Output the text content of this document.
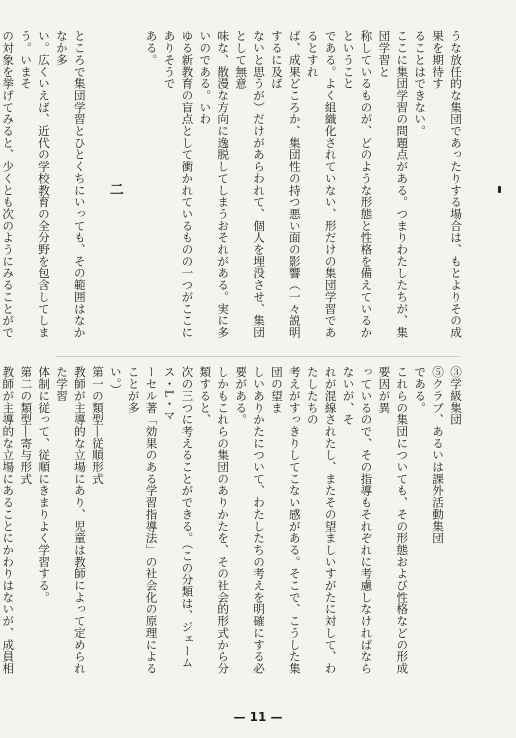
うな放任的な集団であったりする場合は、もとよりその成果を期待す

ることはできない。

ここに集団学習の問題点がある。つまりわたしたちが、集団学習と

称しているものが、どのような形態と性格を備えているかということ

である。よく組織化されていない、形だけの集団学習であるとすれ

ば、成果どころか、集団性の持つ悪い面の影響（一々説明するに及ば

ないと思うが）だけがあらわれて、個人を埋没させ、集団として無意

味な、散漫な方向に逸脱してしまうおそれがある。実に多いのである。いわ

ゆる新教育の盲点として衝かれているものの一つがここにありそうで

ある。

二

ところで集団学習とひとくちにいっても、その範囲はなかなか多

い。広くいえば、近代の学校教育の全分野を包含してしまう。いまそ

の対象を挙げてみると、少くとも次のようにみることがで

③学級集団

⑤クラブ、あるいは課外活動集団

である。

これらの集団についても、その形態および性格などの形成要因が異

っているので、その指導もそれぞれに考慮しなければならないが、そ

れが混線されたし、またその望ましいすがたに対して、わたしたちの

考えがすっきりしてこない感がある。そこで、こうした集団の望ま

しいありかたについて、わたしたちの考えを明確にする必要がある。

しかもこれらの集団のありかたを、その社会的形式から分類すると、

次の三つに考えることができる。（この分類は、ジェームス・L・マ

ーセル著「効果のある学習指導法」の社会化の原理によることが多

い。）

第一の類型―従順形式

教師が主導的な立場にあり、児童は教師によって定められた学習

体制に従って、従順にきまりよく学習する。

第二の類型―寄与形式

教師が主導的な立場にあることにかわりはないが、成員相

— 11 —
